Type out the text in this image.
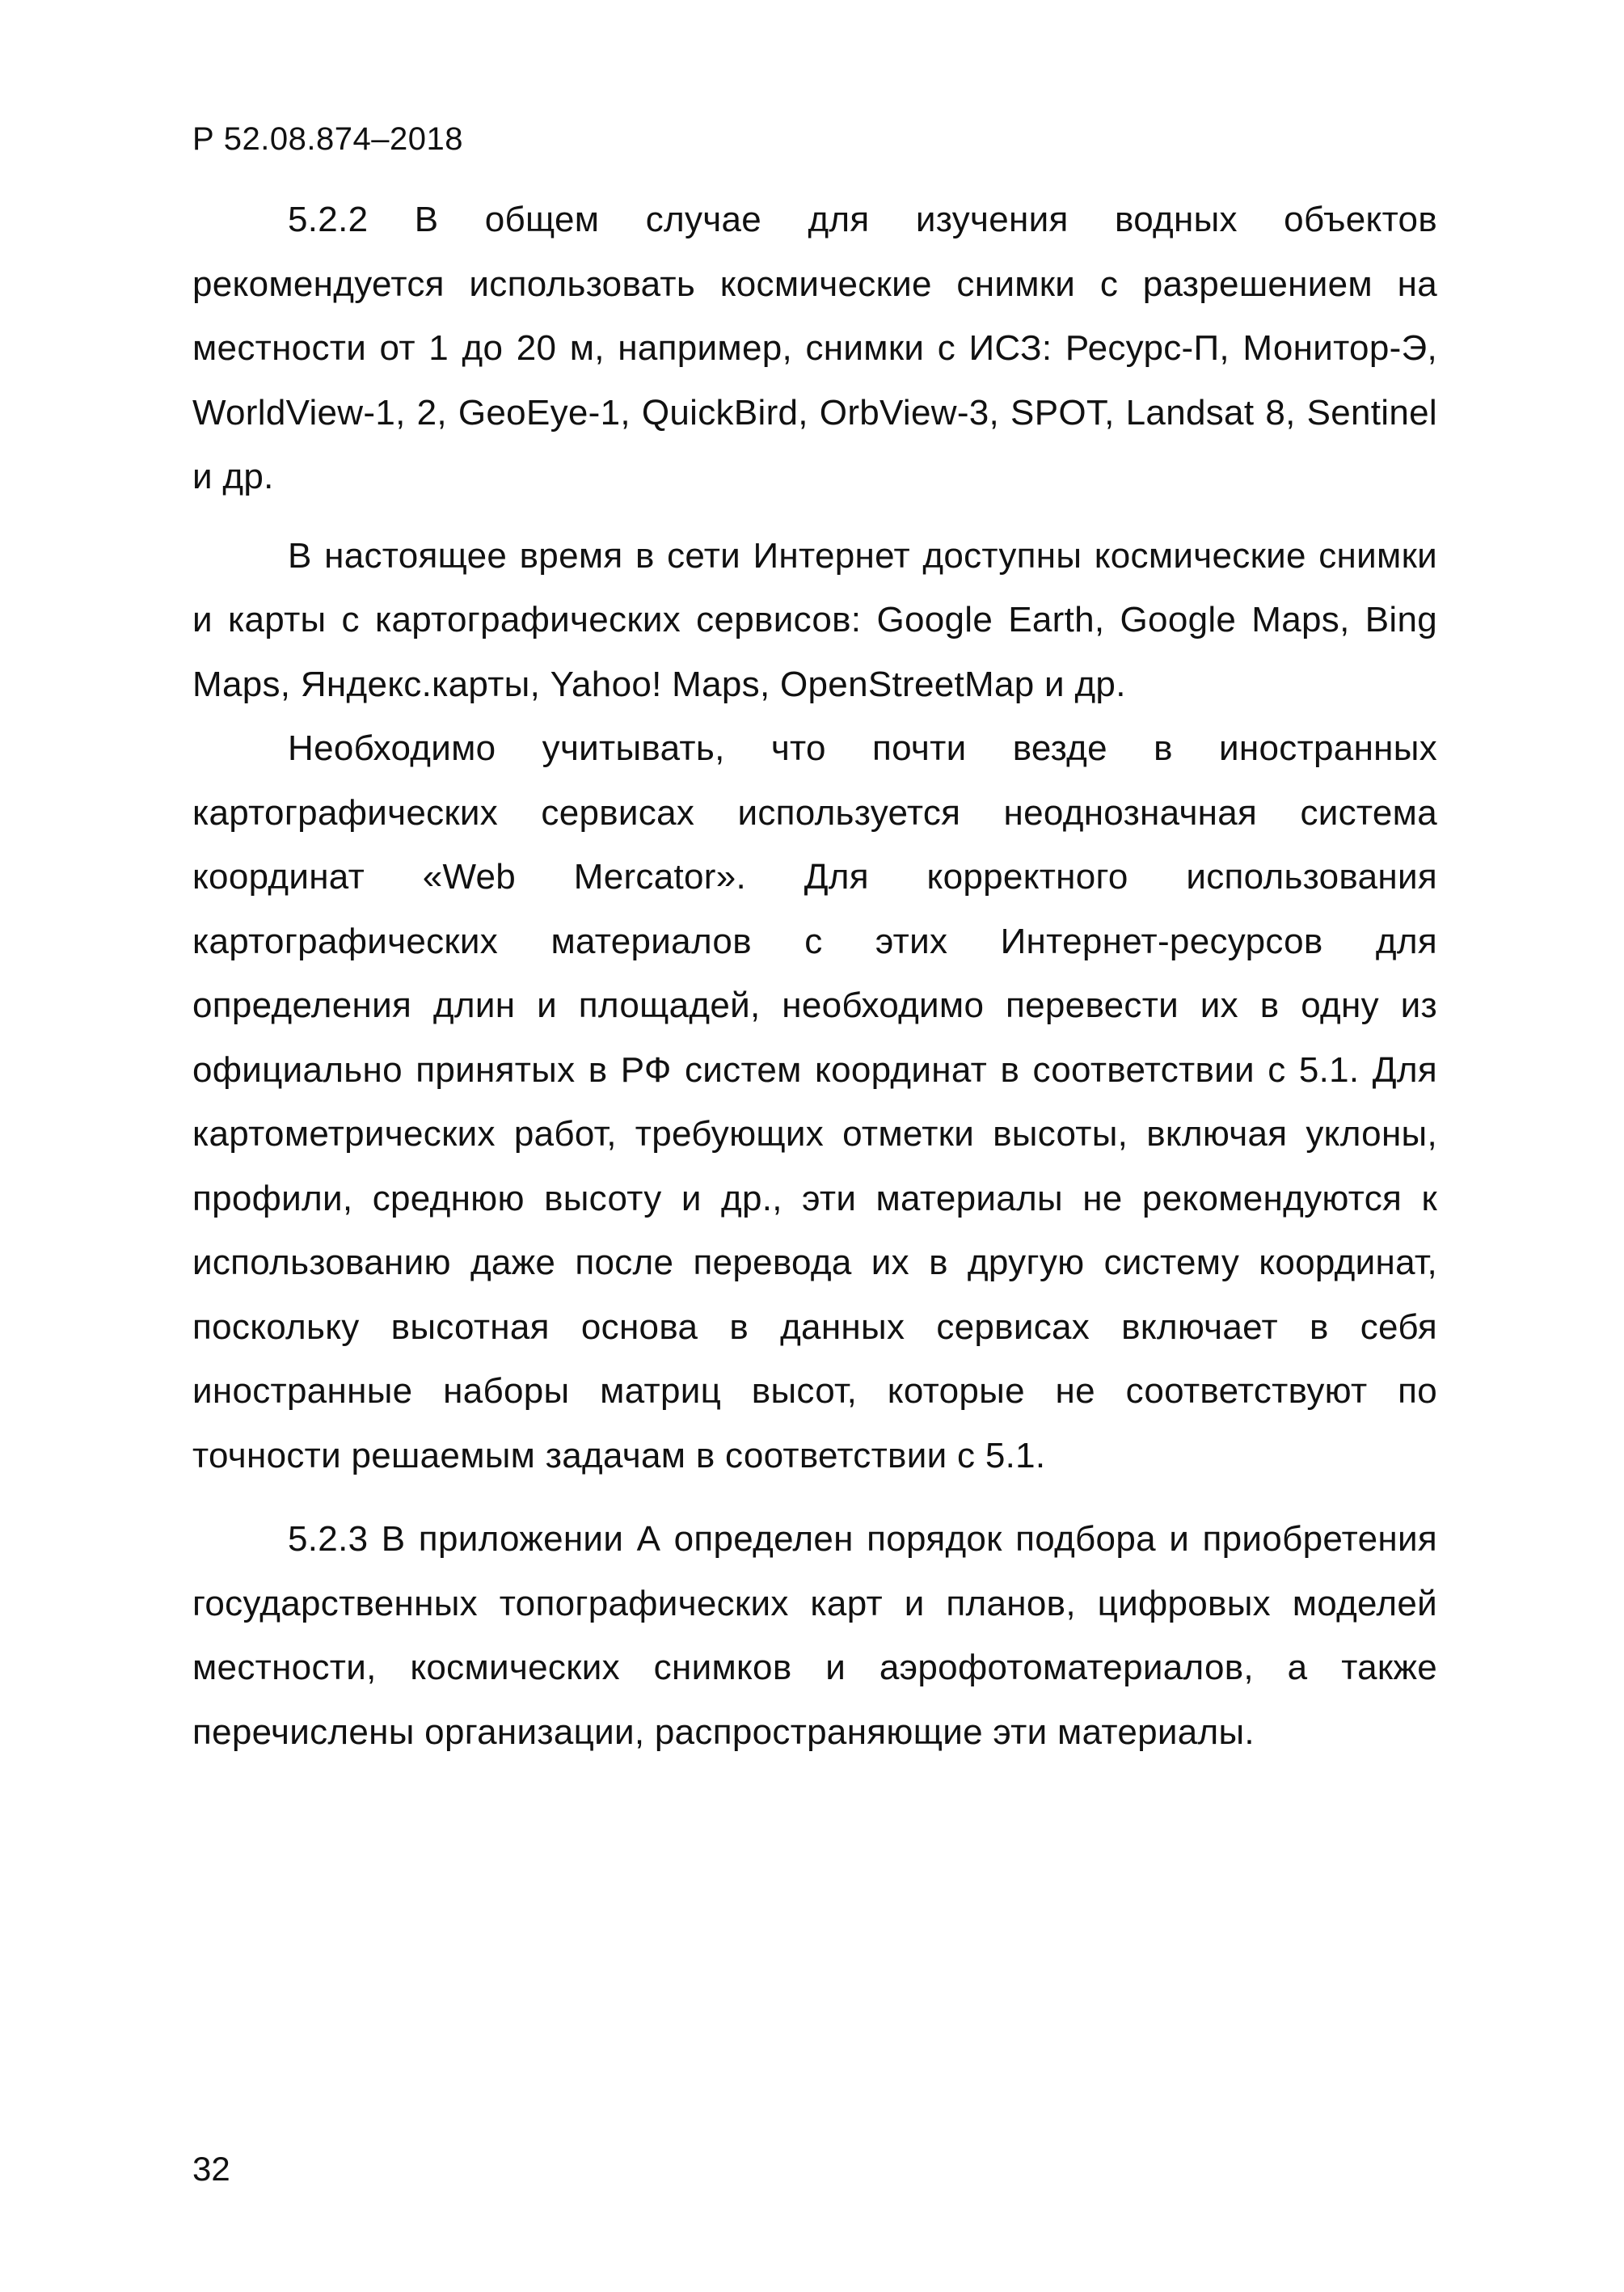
Р 52.08.874–2018

5.2.2 В общем случае для изучения водных объектов рекомендуется использовать космические снимки с разрешением на местности от 1 до 20 м, например, снимки с ИСЗ: Ресурс-П, Монитор-Э, WorldView-1, 2, GeoEye-1, QuickBird, OrbView-3, SPOT, Landsat 8, Sentinel и др.

В настоящее время в сети Интернет доступны космические снимки и карты с картографических сервисов: Google Earth, Google Maps, Bing Maps, Яндекс.карты, Yahoo! Maps, OpenStreetMap и др.

Необходимо учитывать, что почти везде в иностранных картографических сервисах используется неоднозначная система координат «Web Mercator». Для корректного использования картографических материалов с этих Интернет-ресурсов для определения длин и площадей, необходимо перевести их в одну из официально принятых в РФ систем координат в соответствии с 5.1. Для картометрических работ, требующих отметки высоты, включая уклоны, профили, среднюю высоту и др., эти материалы не рекомендуются к использованию даже после перевода их в другую систему координат, поскольку высотная основа в данных сервисах включает в себя иностранные наборы матриц высот, которые не соответствуют по точности решаемым задачам в соответствии с 5.1.

5.2.3 В приложении А определен порядок подбора и приобретения государственных топографических карт и планов, цифровых моделей местности, космических снимков и аэрофотоматериалов, а также перечислены организации, распространяющие эти материалы.

32
